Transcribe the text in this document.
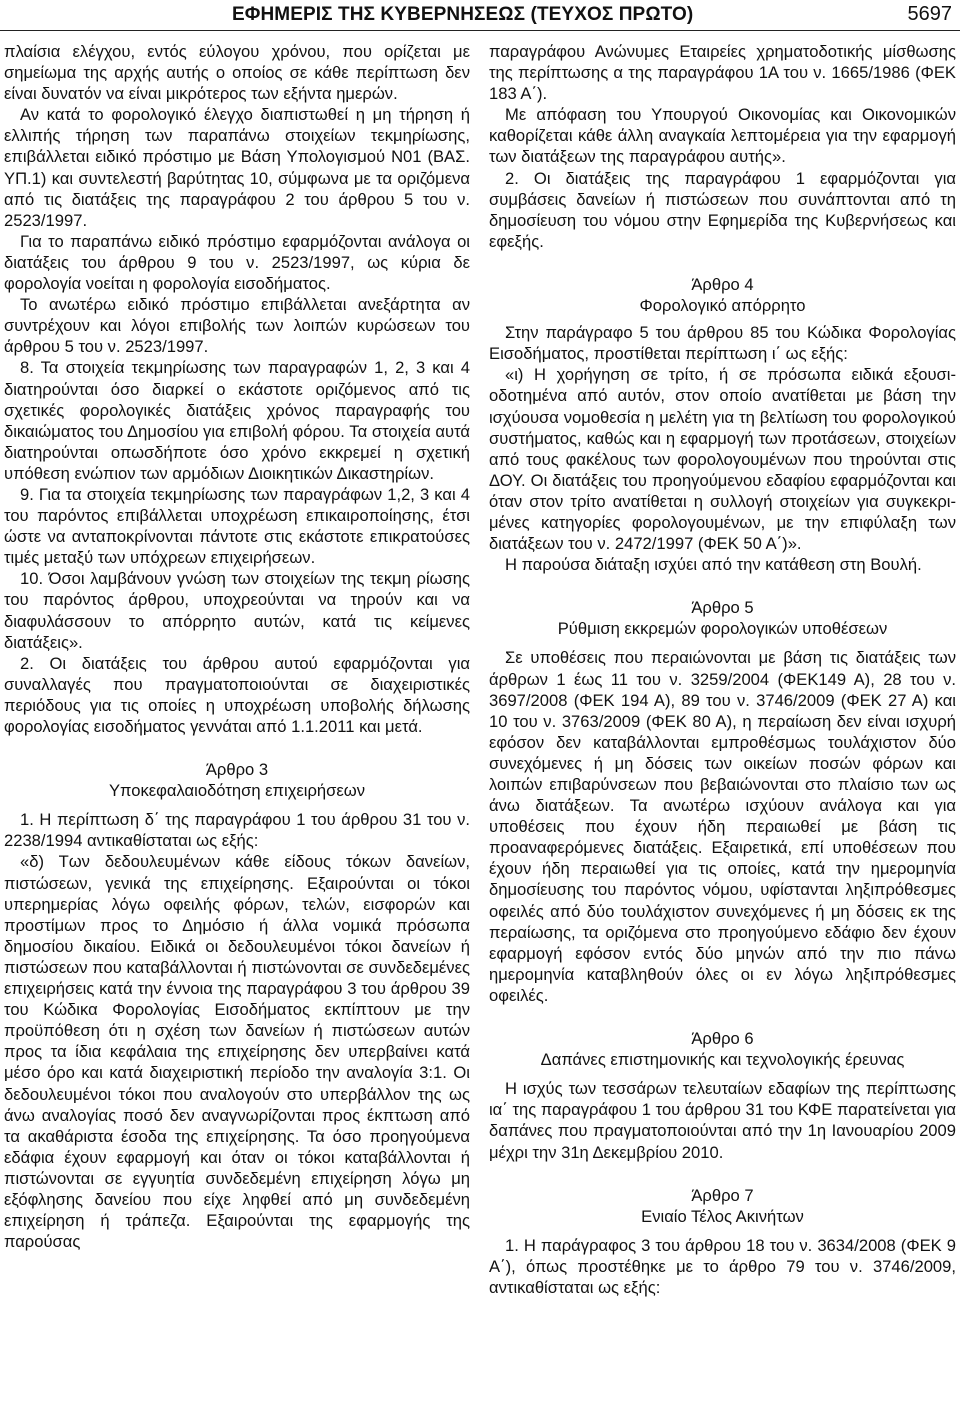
ΕΦΗΜΕΡΙΣ ΤΗΣ ΚΥΒΕΡΝΗΣΕΩΣ (ΤΕΥΧΟΣ ΠΡΩΤΟ)	5697

πλαίσια ελέγχου, εντός εύλογου χρόνου, που ορίζεται με σημείωμα της αρχής αυτής ο οποίος σε κάθε περίπτωση δεν είναι δυνατόν να είναι μικρότερος των εξήντα ημερών.

Αν κατά το φορολογικό έλεγχο διαπιστωθεί η μη τήρηση ή ελλιπής τήρηση των παραπάνω στοιχείων τεκμηρίωσης, επιβάλλεται ειδικό πρόστιμο με Βάση Υπολογισμού Ν01 (ΒΑΣ. ΥΠ.1) και συντελεστή βαρύτητας 10, σύμφωνα με τα οριζόμενα από τις διατάξεις της παραγράφου 2 του άρθρου 5 του ν. 2523/1997.

Για το παραπάνω ειδικό πρόστιμο εφαρμόζονται ανάλογα οι διατάξεις του άρθρου 9 του ν. 2523/1997, ως κύρια δε φορολογία νοείται η φορολογία εισοδήματος.

Το ανωτέρω ειδικό πρόστιμο επιβάλλεται ανεξάρτητα αν συντρέχουν και λόγοι επιβολής των λοιπών κυρώσεων του άρθρου 5 του ν. 2523/1997.

8. Τα στοιχεία τεκμηρίωσης των παραγραφών 1, 2, 3 και 4 διατηρούνται όσο διαρκεί ο εκάστοτε οριζόμενος από τις σχετικές φορολογικές διατάξεις χρόνος παραγραφής του δικαιώματος του Δημοσίου για επιβολή φόρου. Τα στοιχεία αυτά διατηρούνται οπωσδήποτε όσο χρόνο εκκρεμεί η σχετική υπόθεση ενώπιον των αρμόδιων Διοικητικών Δικαστηρίων.

9. Για τα στοιχεία τεκμηρίωσης των παραγράφων 1,2, 3 και 4 του παρόντος επιβάλλεται υποχρέωση επικαιροποίησης, έτσι ώστε να ανταποκρίνονται πάντοτε στις εκάστοτε επικρατούσες τιμές μεταξύ των υπόχρεων επιχειρήσεων.

10. Όσοι λαμβάνουν γνώση των στοιχείων της τεκμη ρίωσης του παρόντος άρθρου, υποχρεούνται να τηρούν και να διαφυλάσσουν το απόρρητο αυτών, κατά τις κείμενες διατάξεις».

2. Οι διατάξεις του άρθρου αυτού εφαρμόζονται για συναλλαγές που πραγματοποιούνται σε διαχειριστικές περιόδους για τις οποίες η υποχρέωση υποβολής δήλωσης φορολογίας εισοδήματος γεννάται από 1.1.2011 και μετά.

Άρθρο 3

Υποκεφαλαιοδότηση επιχειρήσεων

1. Η περίπτωση δ΄ της παραγράφου 1 του άρθρου 31 του ν. 2238/1994 αντικαθίσταται ως εξής:

«δ) Των δεδουλευμένων κάθε είδους τόκων δανείων, πιστώσεων, γενικά της επιχείρησης. Εξαιρούνται οι τόκοι υπερημερίας λόγω οφειλής φόρων, τελών, εισφορών και προστίμων προς το Δημόσιο ή άλλα νομικά πρόσωπα δημοσίου δικαίου. Ειδικά οι δεδουλευμένοι τόκοι δανείων ή πιστώσεων που καταβάλλονται ή πιστώνονται σε συνδεδεμένες επιχειρήσεις κατά την έννοια της παραγράφου 3 του άρθρου 39 του Κώδικα Φορολογίας Εισοδήματος εκπίπτουν με την προϋπόθεση ότι η σχέση των δανείων ή πιστώσεων αυτών προς τα ίδια κεφάλαια της επιχείρησης δεν υπερβαίνει κατά μέσο όρο και κατά διαχειριστική περίοδο την αναλογία 3:1. Οι δεδουλευμένοι τόκοι που αναλογούν στο υπερβάλλον της ως άνω αναλογίας ποσό δεν αναγνωρίζονται προς έκπτωση από τα ακαθάριστα έσοδα της επιχείρησης. Τα όσο προηγούμενα εδάφια έχουν εφαρμογή και όταν οι τόκοι καταβάλλονται ή πιστώνονται σε εγγυητία συνδεδεμένη επιχείρηση λόγω μη εξόφλησης δανείου που είχε ληφθεί από μη συνδεδεμένη επιχείρηση ή τράπεζα. Εξαιρούνται της εφαρμογής της παρούσας

παραγράφου Ανώνυμες Εταιρείες χρηματοδοτικής μίσθωσης της περίπτωσης α της παραγράφου 1Α του ν. 1665/1986 (ΦΕΚ 183 Α΄).

Με απόφαση του Υπουργού Οικονομίας και Οικονομικών καθορίζεται κάθε άλλη αναγκαία λεπτομέρεια για την εφαρμογή των διατάξεων της παραγράφου αυτής».

2. Οι διατάξεις της παραγράφου 1 εφαρμόζονται για συμβάσεις δανείων ή πιστώσεων που συνάπτονται από τη δημοσίευση του νόμου στην Εφημερίδα της Κυβερνήσεως και εφεξής.

Άρθρο 4

Φορολογικό απόρρητο

Στην παράγραφο 5 του άρθρου 85 του Κώδικα Φορολογίας Εισοδήματος, προστίθεται περίπτωση ι΄ ως εξής:

«ι) Η χορήγηση σε τρίτο, ή σε πρόσωπα ειδικά εξουσιοδοτημένα από αυτόν, στον οποίο ανατίθεται με βάση την ισχύουσα νομοθεσία η μελέτη για τη βελτίωση του φορολογικού συστήματος, καθώς και η εφαρμογή των προτάσεων, στοιχείων από τους φακέλους των φορολογουμένων που τηρούνται στις ΔΟΥ. Οι διατάξεις του προηγούμενου εδαφίου εφαρμόζονται και όταν στον τρίτο ανατίθεται η συλλογή στοιχείων για συγκεκριμένες κατηγορίες φορολογουμένων, με την επιφύλαξη των διατάξεων του ν. 2472/1997 (ΦΕΚ 50 Α΄)».

Η παρούσα διάταξη ισχύει από την κατάθεση στη Βουλή.

Άρθρο 5

Ρύθμιση εκκρεμών φορολογικών υποθέσεων

Σε υποθέσεις που περαιώνονται με βάση τις διατάξεις των άρθρων 1 έως 11 του ν. 3259/2004 (ΦΕΚ149 Α), 28 του ν. 3697/2008 (ΦΕΚ 194 Α), 89 του ν. 3746/2009 (ΦΕΚ 27 Α) και 10 του ν. 3763/2009 (ΦΕΚ 80 Α), η περαίωση δεν είναι ισχυρή εφόσον δεν καταβάλλονται εμπροθέσμως τουλάχιστον δύο συνεχόμενες ή μη δόσεις των οικείων ποσών φόρων και λοιπών επιβαρύνσεων που βεβαιώνονται στο πλαίσιο των ως άνω διατάξεων. Τα ανωτέρω ισχύουν ανάλογα και για υποθέσεις που έχουν ήδη περαιωθεί με βάση τις προαναφερόμενες διατάξεις. Εξαιρετικά, επί υποθέσεων που έχουν ήδη περαιωθεί για τις οποίες, κατά την ημερομηνία δημοσίευσης του παρόντος νόμου, υφίστανται ληξιπρόθεσμες οφειλές από δύο τουλάχιστον συνεχόμενες ή μη δόσεις εκ της περαίωσης, τα οριζόμενα στο προηγούμενο εδάφιο δεν έχουν εφαρμογή εφόσον εντός δύο μηνών από την πιο πάνω ημερομηνία καταβληθούν όλες οι εν λόγω ληξιπρόθεσμες οφειλές.

Άρθρο 6

Δαπάνες επιστημονικής και τεχνολογικής έρευνας

Η ισχύς των τεσσάρων τελευταίων εδαφίων της περίπτωσης ια΄ της παραγράφου 1 του άρθρου 31 του ΚΦΕ παρατείνεται για δαπάνες που πραγματοποιούνται από την 1η Ιανουαρίου 2009 μέχρι την 31η Δεκεμβρίου 2010.

Άρθρο 7

Ενιαίο Τέλος Ακινήτων

1. Η παράγραφος 3 του άρθρου 18 του ν. 3634/2008 (ΦΕΚ 9 Α΄), όπως προστέθηκε με το άρθρο 79 του ν. 3746/2009, αντικαθίσταται ως εξής:
